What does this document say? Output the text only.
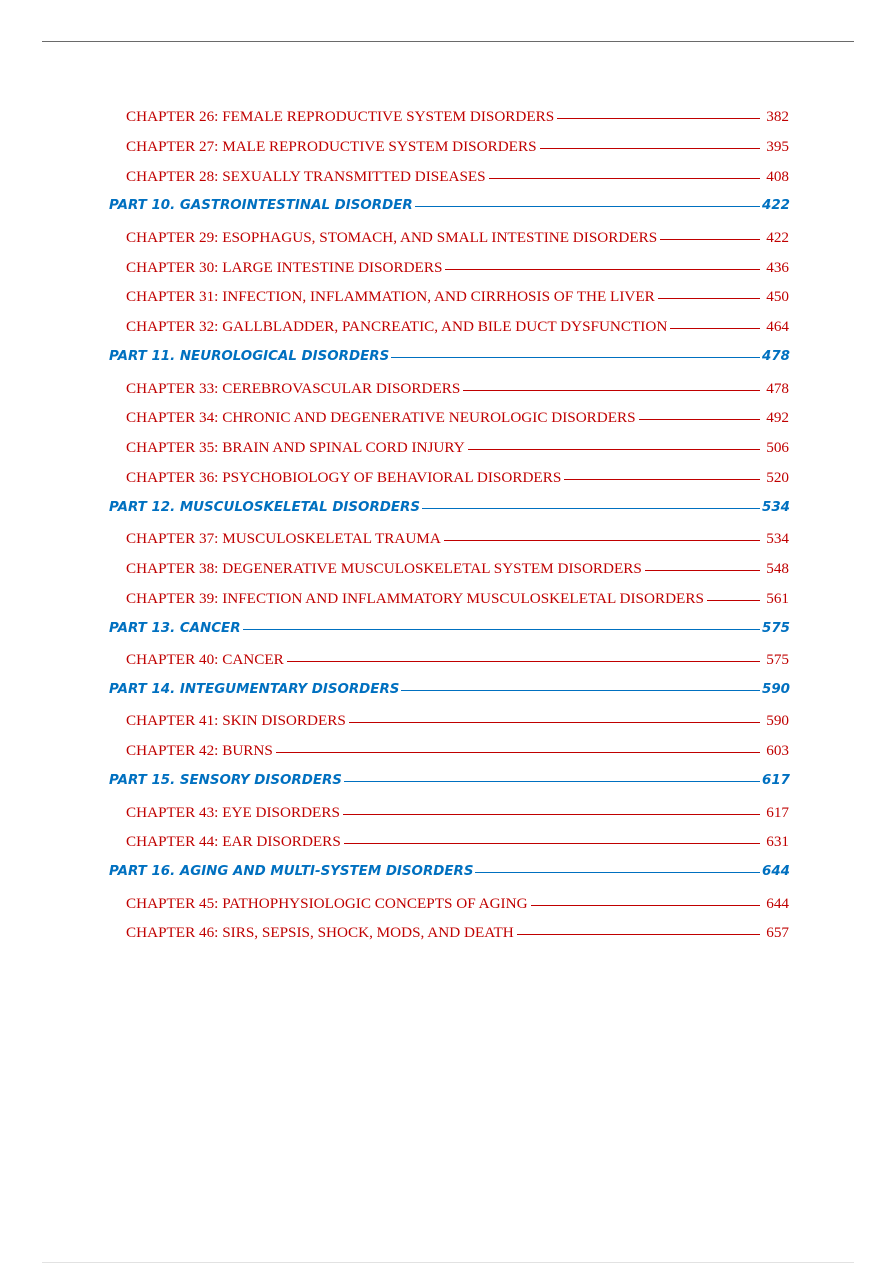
CHAPTER 26: FEMALE REPRODUCTIVE SYSTEM DISORDERS	382
CHAPTER 27: MALE REPRODUCTIVE SYSTEM DISORDERS	395
CHAPTER 28: SEXUALLY TRANSMITTED DISEASES	408
PART 10. GASTROINTESTINAL DISORDER	422
CHAPTER 29: ESOPHAGUS, STOMACH, AND SMALL INTESTINE DISORDERS	422
CHAPTER 30: LARGE INTESTINE DISORDERS	436
CHAPTER 31: INFECTION, INFLAMMATION, AND CIRRHOSIS OF THE LIVER	450
CHAPTER 32: GALLBLADDER, PANCREATIC, AND BILE DUCT DYSFUNCTION	464
PART 11. NEUROLOGICAL DISORDERS	478
CHAPTER 33: CEREBROVASCULAR DISORDERS	478
CHAPTER 34: CHRONIC AND DEGENERATIVE NEUROLOGIC DISORDERS	492
CHAPTER 35: BRAIN AND SPINAL CORD INJURY	506
CHAPTER 36: PSYCHOBIOLOGY OF BEHAVIORAL DISORDERS	520
PART 12. MUSCULOSKELETAL DISORDERS	534
CHAPTER 37: MUSCULOSKELETAL TRAUMA	534
CHAPTER 38: DEGENERATIVE MUSCULOSKELETAL SYSTEM DISORDERS	548
CHAPTER 39: INFECTION AND INFLAMMATORY MUSCULOSKELETAL DISORDERS	561
PART 13. CANCER	575
CHAPTER 40: CANCER	575
PART 14. INTEGUMENTARY DISORDERS	590
CHAPTER 41: SKIN DISORDERS	590
CHAPTER 42: BURNS	603
PART 15. SENSORY DISORDERS	617
CHAPTER 43: EYE DISORDERS	617
CHAPTER 44: EAR DISORDERS	631
PART 16. AGING AND MULTI-SYSTEM DISORDERS	644
CHAPTER 45: PATHOPHYSIOLOGIC CONCEPTS OF AGING	644
CHAPTER 46: SIRS, SEPSIS, SHOCK, MODS, AND DEATH	657
